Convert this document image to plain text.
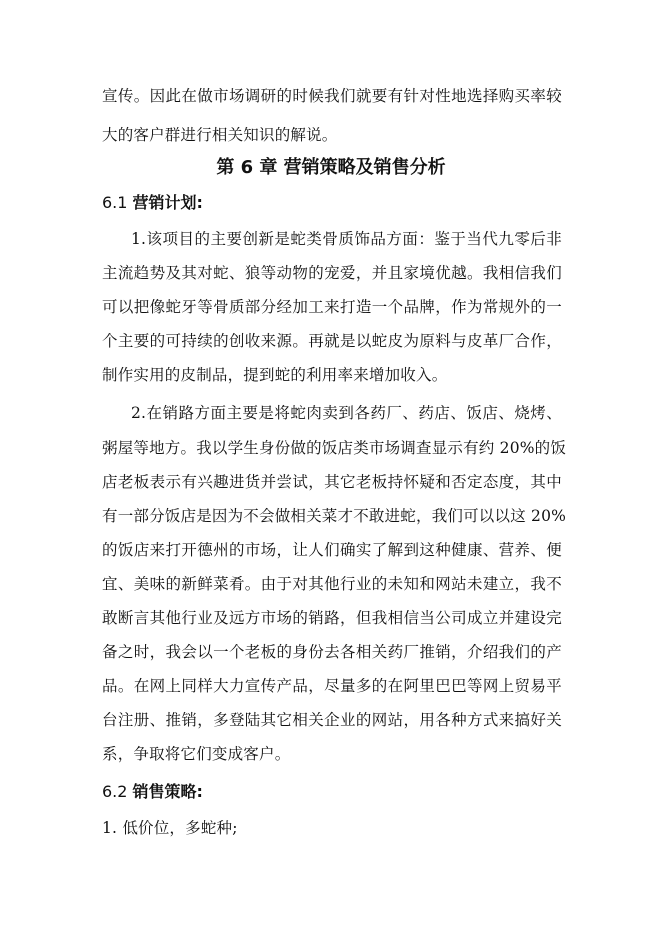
宣传。因此在做市场调研的时候我们就要有针对性地选择购买率较
大的客户群进行相关知识的解说。
第 6 章 营销策略及销售分析
6.1 营销计划:
1.该项目的主要创新是蛇类骨质饰品方面：鉴于当代九零后非
主流趋势及其对蛇、狼等动物的宠爱，并且家境优越。我相信我们
可以把像蛇牙等骨质部分经加工来打造一个品牌，作为常规外的一
个主要的可持续的创收来源。再就是以蛇皮为原料与皮革厂合作，
制作实用的皮制品，提到蛇的利用率来增加收入。
2.在销路方面主要是将蛇肉卖到各药厂、药店、饭店、烧烤、
粥屋等地方。我以学生身份做的饭店类市场调查显示有约 20%的饭
店老板表示有兴趣进货并尝试，其它老板持怀疑和否定态度，其中
有一部分饭店是因为不会做相关菜才不敢进蛇，我们可以以这 20%
的饭店来打开德州的市场，让人们确实了解到这种健康、营养、便
宜、美味的新鲜菜肴。由于对其他行业的未知和网站未建立，我不
敢断言其他行业及远方市场的销路，但我相信当公司成立并建设完
备之时，我会以一个老板的身份去各相关药厂推销，介绍我们的产
品。在网上同样大力宣传产品，尽量多的在阿里巴巴等网上贸易平
台注册、推销，多登陆其它相关企业的网站，用各种方式来搞好关
系，争取将它们变成客户。
6.2 销售策略:
1. 低价位，多蛇种;
